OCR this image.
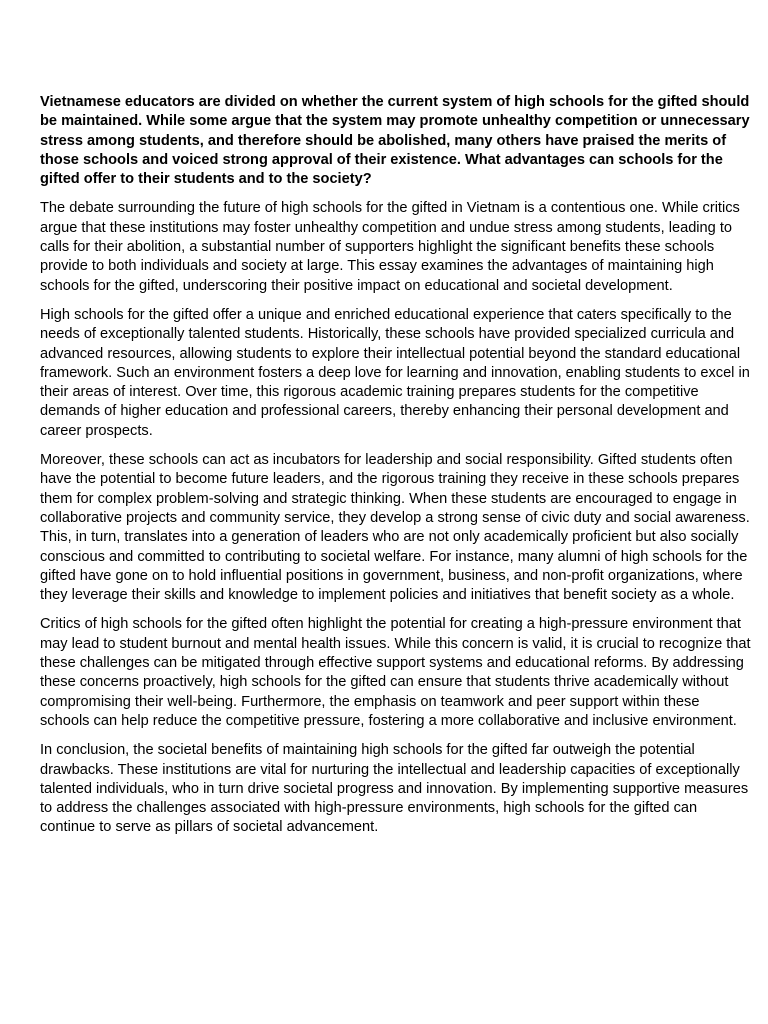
Vietnamese educators are divided on whether the current system of high schools for the gifted should be maintained. While some argue that the system may promote unhealthy competition or unnecessary stress among students, and therefore should be abolished, many others have praised the merits of those schools and voiced strong approval of their existence. What advantages can schools for the gifted offer to their students and to the society?

The debate surrounding the future of high schools for the gifted in Vietnam is a contentious one. While critics argue that these institutions may foster unhealthy competition and undue stress among students, leading to calls for their abolition, a substantial number of supporters highlight the significant benefits these schools provide to both individuals and society at large. This essay examines the advantages of maintaining high schools for the gifted, underscoring their positive impact on educational and societal development.

High schools for the gifted offer a unique and enriched educational experience that caters specifically to the needs of exceptionally talented students. Historically, these schools have provided specialized curricula and advanced resources, allowing students to explore their intellectual potential beyond the standard educational framework. Such an environment fosters a deep love for learning and innovation, enabling students to excel in their areas of interest. Over time, this rigorous academic training prepares students for the competitive demands of higher education and professional careers, thereby enhancing their personal development and career prospects.

Moreover, these schools can act as incubators for leadership and social responsibility. Gifted students often have the potential to become future leaders, and the rigorous training they receive in these schools prepares them for complex problem-solving and strategic thinking. When these students are encouraged to engage in collaborative projects and community service, they develop a strong sense of civic duty and social awareness. This, in turn, translates into a generation of leaders who are not only academically proficient but also socially conscious and committed to contributing to societal welfare. For instance, many alumni of high schools for the gifted have gone on to hold influential positions in government, business, and non-profit organizations, where they leverage their skills and knowledge to implement policies and initiatives that benefit society as a whole.

Critics of high schools for the gifted often highlight the potential for creating a high-pressure environment that may lead to student burnout and mental health issues. While this concern is valid, it is crucial to recognize that these challenges can be mitigated through effective support systems and educational reforms. By addressing these concerns proactively, high schools for the gifted can ensure that students thrive academically without compromising their well-being. Furthermore, the emphasis on teamwork and peer support within these schools can help reduce the competitive pressure, fostering a more collaborative and inclusive environment.

In conclusion, the societal benefits of maintaining high schools for the gifted far outweigh the potential drawbacks. These institutions are vital for nurturing the intellectual and leadership capacities of exceptionally talented individuals, who in turn drive societal progress and innovation. By implementing supportive measures to address the challenges associated with high-pressure environments, high schools for the gifted can continue to serve as pillars of societal advancement.
